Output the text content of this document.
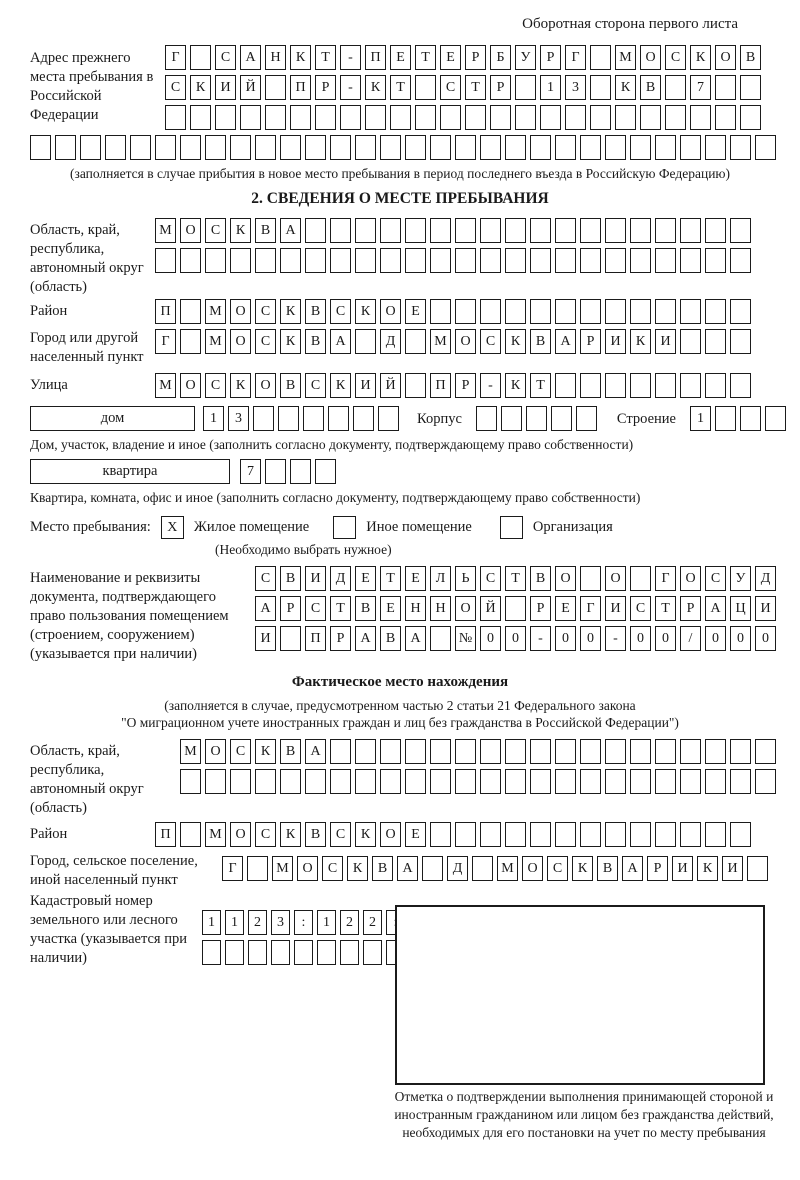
Оборотная сторона первого листа
Адрес прежнего места пребывания в Российской Федерации
Г	С	А	Н	К	Т	-	П	Е	Т	Е	Р	Б	У	Р	Г	М О	С	К	О	В
С	К	И	Й	П	Р	-	К	Т	С	Т	Р	1	3	К	В	7
(заполняется в случае прибытия в новое место пребывания в период последнего въезда в Российскую Федерацию)
2. СВЕДЕНИЯ О МЕСТЕ ПРЕБЫВАНИЯ
Область, край, республика, автономный округ (область)
М О	С	К	В	А
Район	П	М О	С	К	В	С	К	О	Е
Город или другой населенный пункт
Г	М О	С	К	В	А	Д	М О	С	К	В	А	Р	И	К	И
Улица	М О	С	К	О	В	С	К	И	Й	П	Р	-	К	Т
дом	1	3	Корпус	Строение	1
Дом, участок, владение и иное (заполнить согласно документу, подтверждающему право собственности)
квартира	7
Квартира, комната, офис и иное (заполнить согласно документу, подтверждающему право собственности)
Место пребывания:	X	Жилое помещение	Иное помещение	Организация
(Необходимо выбрать нужное)
Наименование и реквизиты документа, подтверждающего право пользования помещением (строением, сооружением) (указывается при наличии)
С	В	И	Д	Е	Т	Е	Л	Ь	С	Т	В	О	О	Г	О	С	У	Д
А	Р	С	Т	В	Е	Н	Н	О	Й	Р	Е	Г	И	С	Т	Р	А	Ц	И
И	П	Р	А	В	А	№	0	0	-	0	0	-	0	0	/	0	0	0
Фактическое место нахождения
(заполняется в случае, предусмотренном частью 2 статьи 21 Федерального закона
"О миграционном учете иностранных граждан и лиц без гражданства в Российской Федерации")
Область, край, республика, автономный округ (область)
М О	С	К	В	А
Район	П	М О	С	К	В	С	К	О	Е
Город, сельское поселение, иной населенный пункт
Г	М О	С	К	В	А	Д	М О	С	К	В	А	Р	И	К	И
Кадастровый номер земельного или лесного участка (указывается при наличии)
1	1	2	3	:	1	2	2
Отметка о подтверждении выполнения принимающей стороной и иностранным гражданином или лицом без гражданства действий, необходимых для его постановки на учет по месту пребывания
